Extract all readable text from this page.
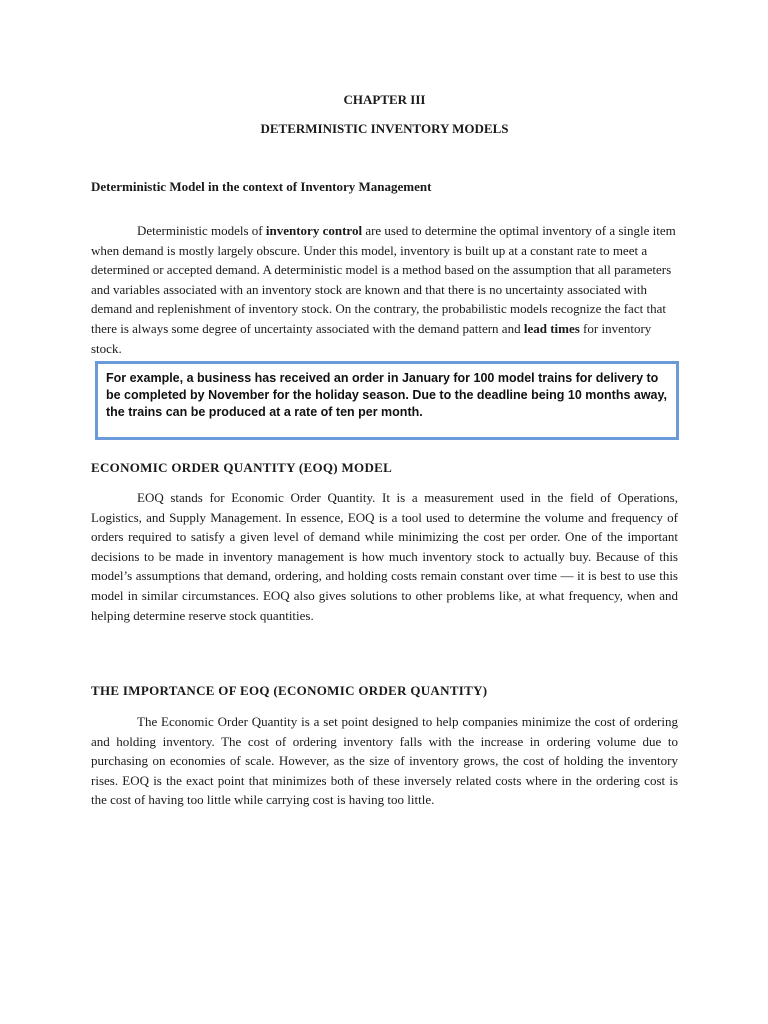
CHAPTER III
DETERMINISTIC INVENTORY MODELS
Deterministic Model in the context of Inventory Management

Deterministic models of inventory control are used to determine the optimal inventory of a single item when demand is mostly largely obscure. Under this model, inventory is built up at a constant rate to meet a determined or accepted demand. A deterministic model is a method based on the assumption that all parameters and variables associated with an inventory stock are known and that there is no uncertainty associated with demand and replenishment of inventory stock. On the contrary, the probabilistic models recognize the fact that there is always some degree of uncertainty associated with the demand pattern and lead times for inventory stock.

For example, a business has received an order in January for 100 model trains for delivery to be completed by November for the holiday season. Due to the deadline being 10 months away, the trains can be produced at a rate of ten per month.
ECONOMIC ORDER QUANTITY (EOQ) MODEL

EOQ stands for Economic Order Quantity. It is a measurement used in the field of Operations, Logistics, and Supply Management. In essence, EOQ is a tool used to determine the volume and frequency of orders required to satisfy a given level of demand while minimizing the cost per order. One of the important decisions to be made in inventory management is how much inventory stock to actually buy. Because of this model’s assumptions that demand, ordering, and holding costs remain constant over time — it is best to use this model in similar circumstances. EOQ also gives solutions to other problems like, at what frequency, when and helping determine reserve stock quantities.

THE IMPORTANCE OF EOQ (ECONOMIC ORDER QUANTITY)

The Economic Order Quantity is a set point designed to help companies minimize the cost of ordering and holding inventory. The cost of ordering inventory falls with the increase in ordering volume due to purchasing on economies of scale. However, as the size of inventory grows, the cost of holding the inventory rises. EOQ is the exact point that minimizes both of these inversely related costs where in the ordering cost is the cost of having too little while carrying cost is having too little.
